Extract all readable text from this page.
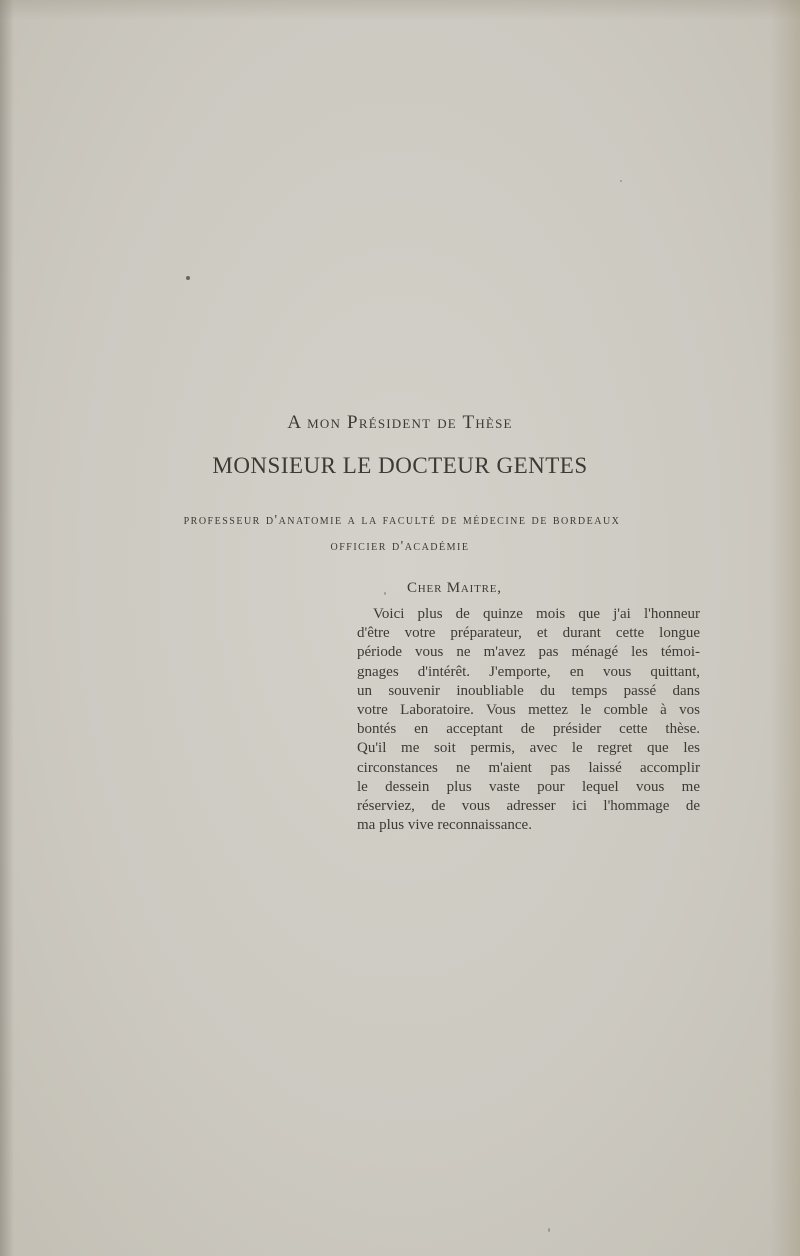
A mon Président de Thèse
MONSIEUR LE DOCTEUR GENTES
professeur d'anatomie a la faculté de médecine de bordeaux
officier d'académie
Cher Maitre,
Voici plus de quinze mois que j'ai l'honneur
d'être votre préparateur, et durant cette longue
période vous ne m'avez pas ménagé les témoi-
gnages d'intérêt. J'emporte, en vous quittant,
un souvenir inoubliable du temps passé dans
votre Laboratoire. Vous mettez le comble à vos
bontés en acceptant de présider cette thèse.
Qu'il me soit permis, avec le regret que les
circonstances ne m'aient pas laissé accomplir
le dessein plus vaste pour lequel vous me
réserviez, de vous adresser ici l'hommage de
ma plus vive reconnaissance.
